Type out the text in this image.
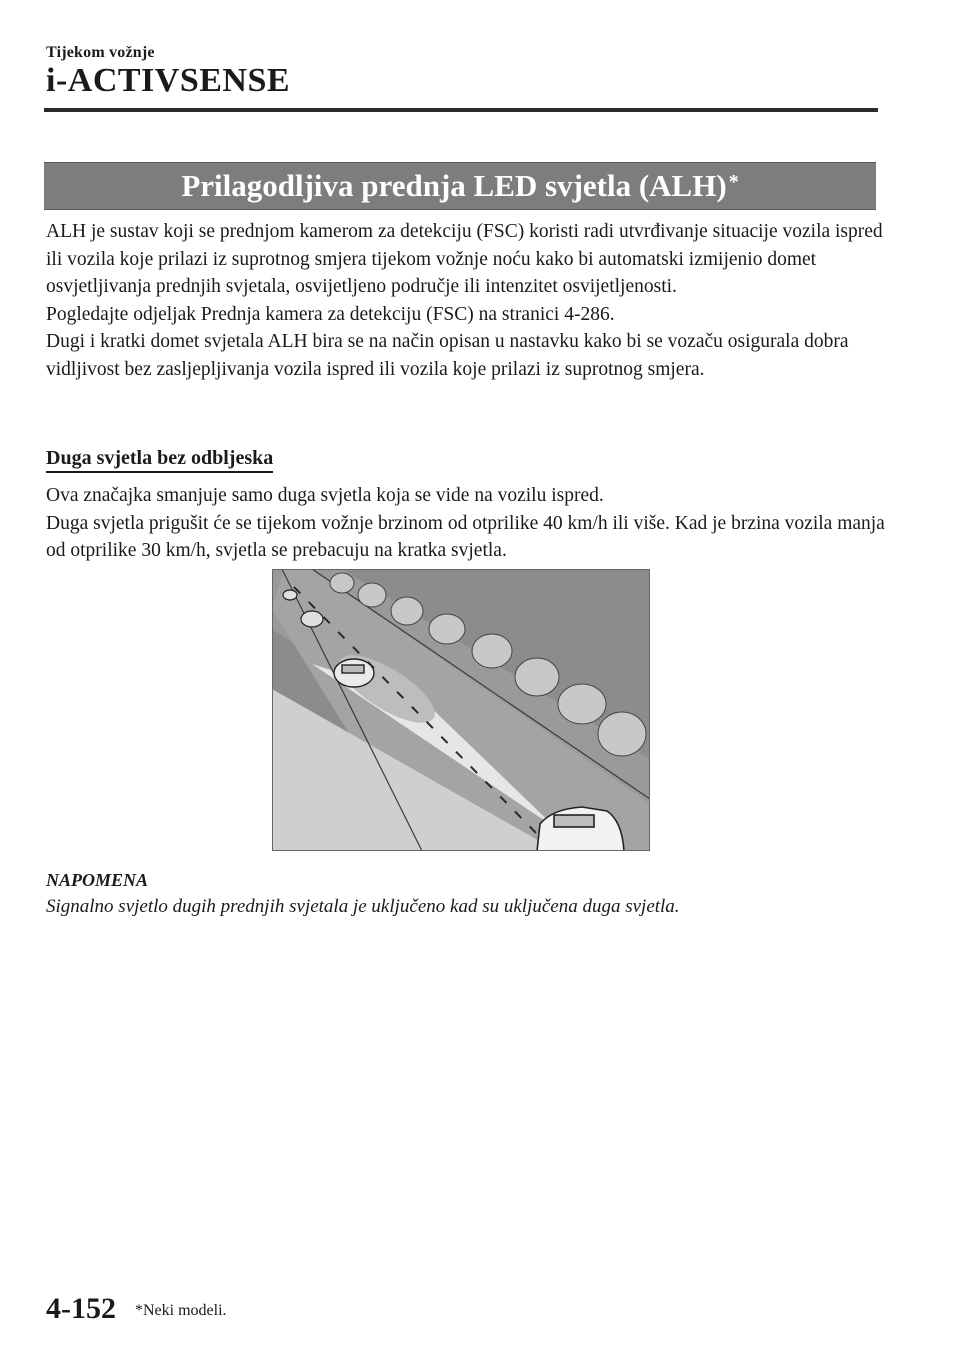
Tijekom vožnje
i-ACTIVSENSE
Prilagodljiva prednja LED svjetla (ALH)*

ALH je sustav koji se prednjom kamerom za detekciju (FSC) koristi radi utvrđivanje situacije vozila ispred ili vozila koje prilazi iz suprotnog smjera tijekom vožnje noću kako bi automatski izmijenio domet osvjetljivanja prednjih svjetala, osvijetljeno područje ili intenzitet osvijetljenosti.

Pogledajte odjeljak Prednja kamera za detekciju (FSC) na stranici 4-286.

Dugi i kratki domet svjetala ALH bira se na način opisan u nastavku kako bi se vozaču osigurala dobra vidljivost bez zasljepljivanja vozila ispred ili vozila koje prilazi iz suprotnog smjera.

Duga svjetla bez odbljeska

Ova značajka smanjuje samo duga svjetla koja se vide na vozilu ispred.

Duga svjetla prigušit će se tijekom vožnje brzinom od otprilike 40 km/h ili više. Kad je brzina vozila manja od otprilike 30 km/h, svjetla se prebacuju na kratka svjetla.

NAPOMENA
Signalno svjetlo dugih prednjih svjetala je uključeno kad su uključena duga svjetla.
4-152 *Neki modeli.
